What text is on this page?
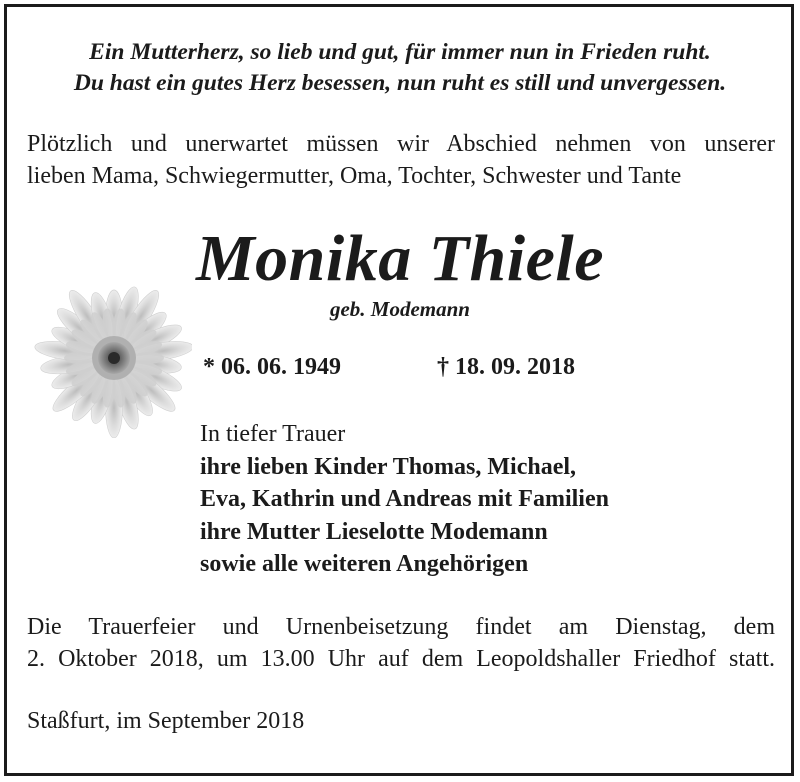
Ein Mutterherz, so lieb und gut, für immer nun in Frieden ruht.
Du hast ein gutes Herz besessen, nun ruht es still und unvergessen.
Plötzlich und unerwartet müssen wir Abschied nehmen von unserer
lieben Mama, Schwiegermutter, Oma, Tochter, Schwester und Tante
Monika Thiele
geb. Modemann
* 06. 06. 1949	† 18. 09. 2018
In tiefer Trauer
ihre lieben Kinder Thomas, Michael,
Eva, Kathrin und Andreas mit Familien
ihre Mutter Lieselotte Modemann
sowie alle weiteren Angehörigen
Die Trauerfeier und Urnenbeisetzung findet am Dienstag, dem
2. Oktober 2018, um 13.00 Uhr auf dem Leopoldshaller Friedhof statt.
Staßfurt, im September 2018
